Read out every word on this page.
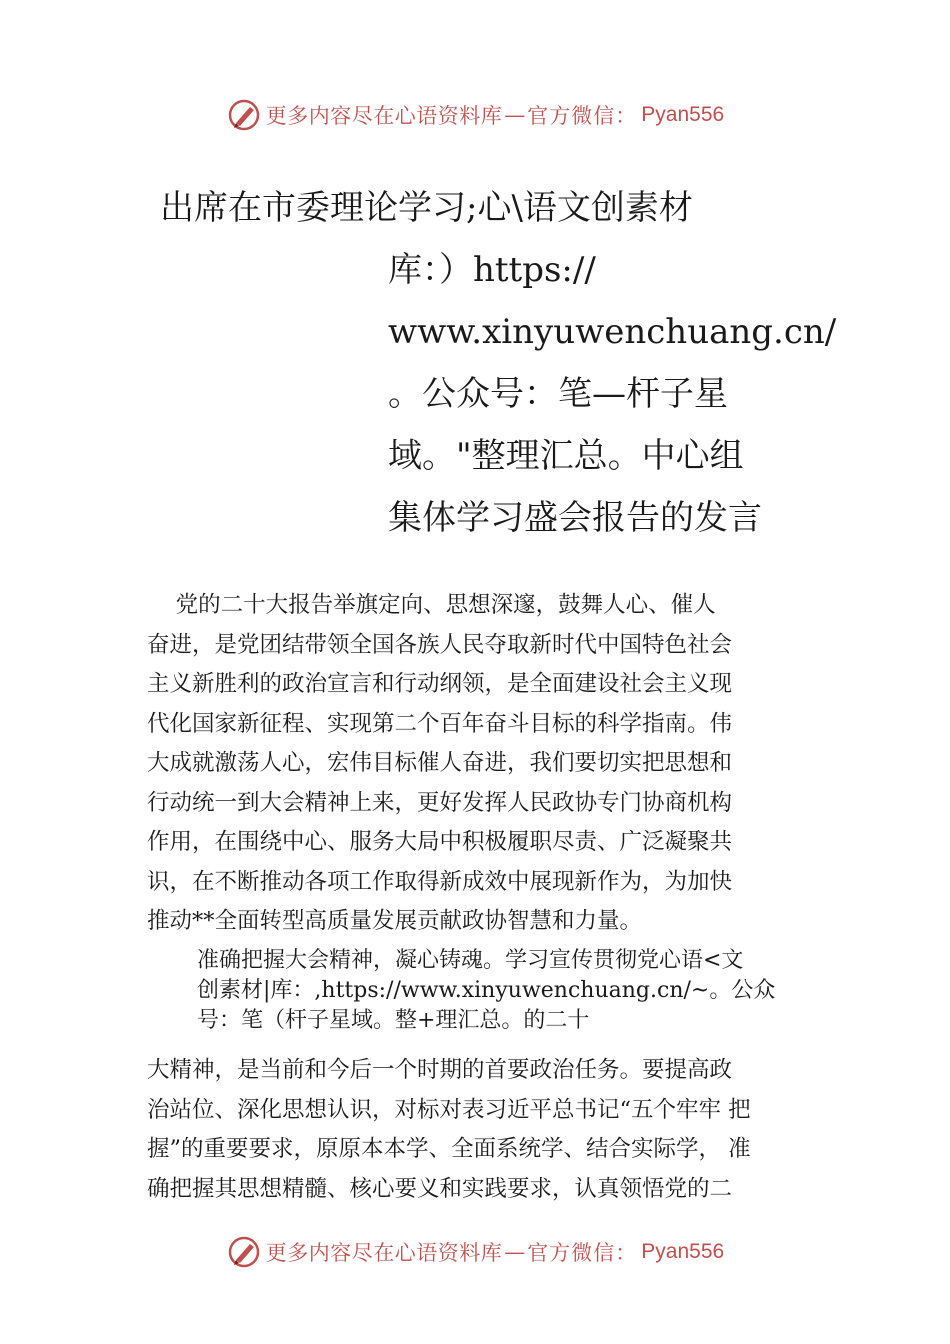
更多内容尽在心语资料库 — 官方微信： Pyan556
出席在市委理论学习;心\语文创素材
库：）https://
www.xinyuwenchuang.cn/
。公众号：笔—杆子星
域。"整理汇总。中心组
集体学习盛会报告的发言
党的二十大报告举旗定向、思想深邃，鼓舞人心、催人
奋进，是党团结带领全国各族人民夺取新时代中国特色社会
主义新胜利的政治宣言和行动纲领，是全面建设社会主义现
代化国家新征程、实现第二个百年奋斗目标的科学指南。伟
大成就激荡人心，宏伟目标催人奋进，我们要切实把思想和
行动统一到大会精神上来，更好发挥人民政协专门协商机构
作用，在围绕中心、服务大局中积极履职尽责、广泛凝聚共
识，在不断推动各项工作取得新成效中展现新作为，为加快
推动**全面转型高质量发展贡献政协智慧和力量。
准确把握大会精神，凝心铸魂。学习宣传贯彻党心语<文
创素材|库：,https://www.xinyuwenchuang.cn/~。公众
号：笔（杆子星域。整+理汇总。的二十
大精神，是当前和今后一个时期的首要政治任务。要提高政
治站位、深化思想认识，对标对表习近平总书记“五个牢牢 把
握”的重要要求，原原本本学、全面系统学、结合实际学， 准
确把握其思想精髓、核心要义和实践要求，认真领悟党的二
更多内容尽在心语资料库 — 官方微信： Pyan556
